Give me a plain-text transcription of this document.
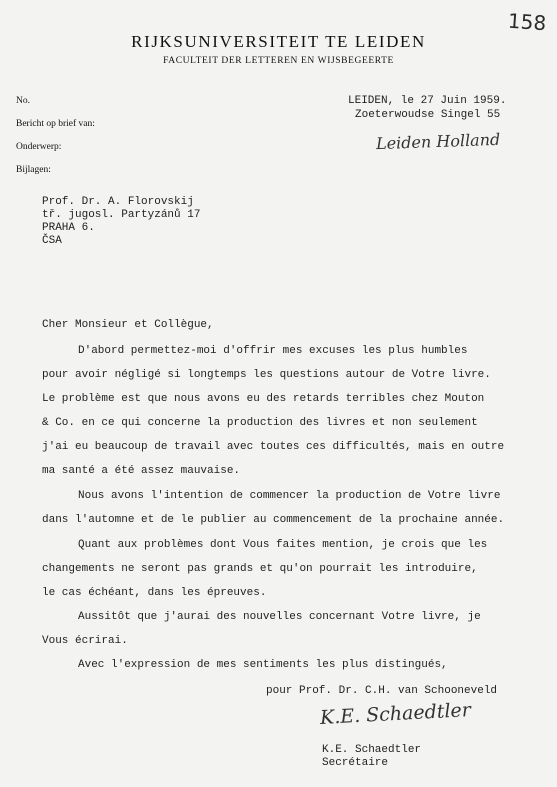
158
RIJKSUNIVERSITEIT TE LEIDEN
FACULTEIT DER LETTEREN EN WIJSBEGEERTE
No.
Bericht op brief van:
Onderwerp:
Bijlagen:
LEIDEN, le 27 Juin 1959.
Zoeterwoudse Singel 55
Leiden Holland
Prof. Dr. A. Florovskij
tř. jugosl. Partyzánů 17
PRAHA 6.
ČSA
Cher Monsieur et Collègue,
D'abord permettez-moi d'offrir mes excuses les plus humbles
pour avoir négligé si longtemps les questions autour de Votre livre.
Le problème est que nous avons eu des retards terribles chez Mouton
& Co. en ce qui concerne la production des livres et non seulement
j'ai eu beaucoup de travail avec toutes ces difficultés, mais en outre
ma santé a été assez mauvaise.
Nous avons l'intention de commencer la production de Votre livre
dans l'automne et de le publier au commencement de la prochaine année.
Quant aux problèmes dont Vous faites mention, je crois que les
changements ne seront pas grands et qu'on pourrait les introduire,
le cas échéant, dans les épreuves.
Aussitôt que j'aurai des nouvelles concernant Votre livre, je
Vous écrirai.
Avec l'expression de mes sentiments les plus distingués,
pour Prof. Dr. C.H. van Schooneveld
K.E. Schaedtler
K.E. Schaedtler
Secrétaire
